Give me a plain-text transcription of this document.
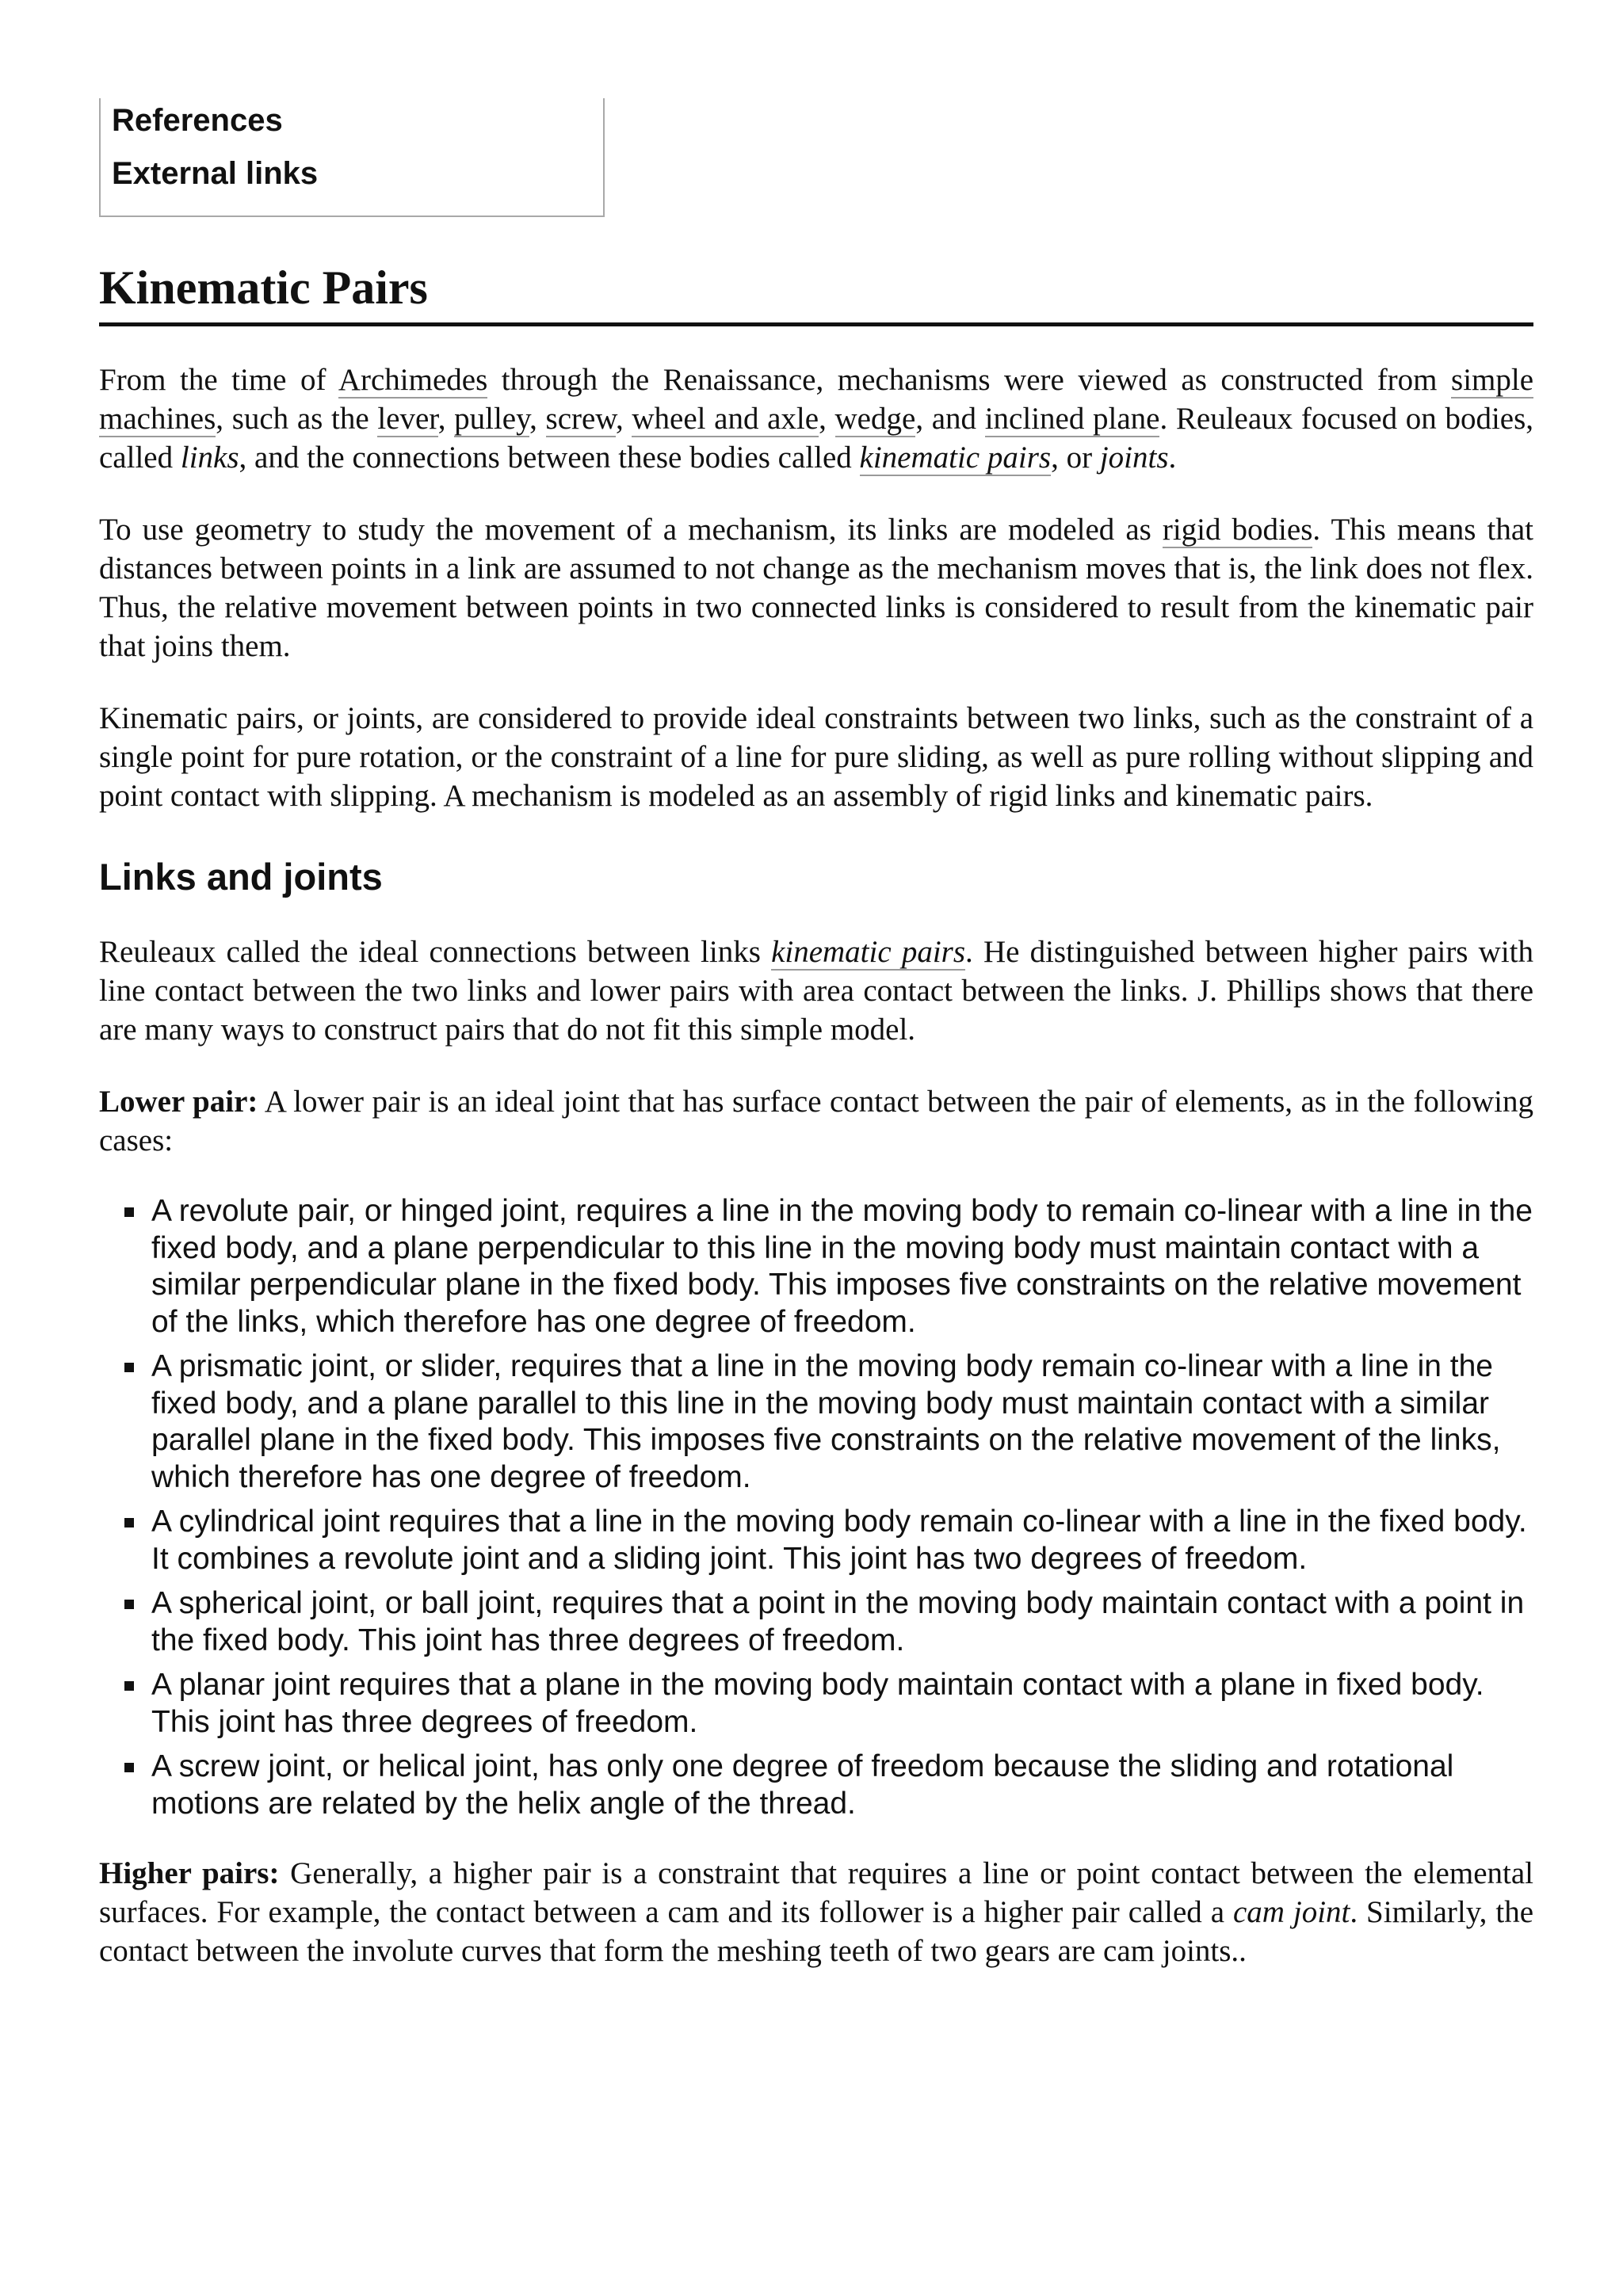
References
External links
Kinematic Pairs

From the time of Archimedes through the Renaissance, mechanisms were viewed as constructed from simple machines, such as the lever, pulley, screw, wheel and axle, wedge, and inclined plane. Reuleaux focused on bodies, called links, and the connections between these bodies called kinematic pairs, or joints.

To use geometry to study the movement of a mechanism, its links are modeled as rigid bodies. This means that distances between points in a link are assumed to not change as the mechanism moves that is, the link does not flex. Thus, the relative movement between points in two connected links is considered to result from the kinematic pair that joins them.

Kinematic pairs, or joints, are considered to provide ideal constraints between two links, such as the constraint of a single point for pure rotation, or the constraint of a line for pure sliding, as well as pure rolling without slipping and point contact with slipping. A mechanism is modeled as an assembly of rigid links and kinematic pairs.

Links and joints

Reuleaux called the ideal connections between links kinematic pairs. He distinguished between higher pairs with line contact between the two links and lower pairs with area contact between the links. J. Phillips shows that there are many ways to construct pairs that do not fit this simple model.

Lower pair: A lower pair is an ideal joint that has surface contact between the pair of elements, as in the following cases:

A revolute pair, or hinged joint, requires a line in the moving body to remain co-linear with a line in the fixed body, and a plane perpendicular to this line in the moving body must maintain contact with a similar perpendicular plane in the fixed body. This imposes five constraints on the relative movement of the links, which therefore has one degree of freedom.
A prismatic joint, or slider, requires that a line in the moving body remain co-linear with a line in the fixed body, and a plane parallel to this line in the moving body must maintain contact with a similar parallel plane in the fixed body. This imposes five constraints on the relative movement of the links, which therefore has one degree of freedom.
A cylindrical joint requires that a line in the moving body remain co-linear with a line in the fixed body. It combines a revolute joint and a sliding joint. This joint has two degrees of freedom.
A spherical joint, or ball joint, requires that a point in the moving body maintain contact with a point in the fixed body. This joint has three degrees of freedom.
A planar joint requires that a plane in the moving body maintain contact with a plane in fixed body. This joint has three degrees of freedom.
A screw joint, or helical joint, has only one degree of freedom because the sliding and rotational motions are related by the helix angle of the thread.

Higher pairs: Generally, a higher pair is a constraint that requires a line or point contact between the elemental surfaces. For example, the contact between a cam and its follower is a higher pair called a cam joint. Similarly, the contact between the involute curves that form the meshing teeth of two gears are cam joints..
